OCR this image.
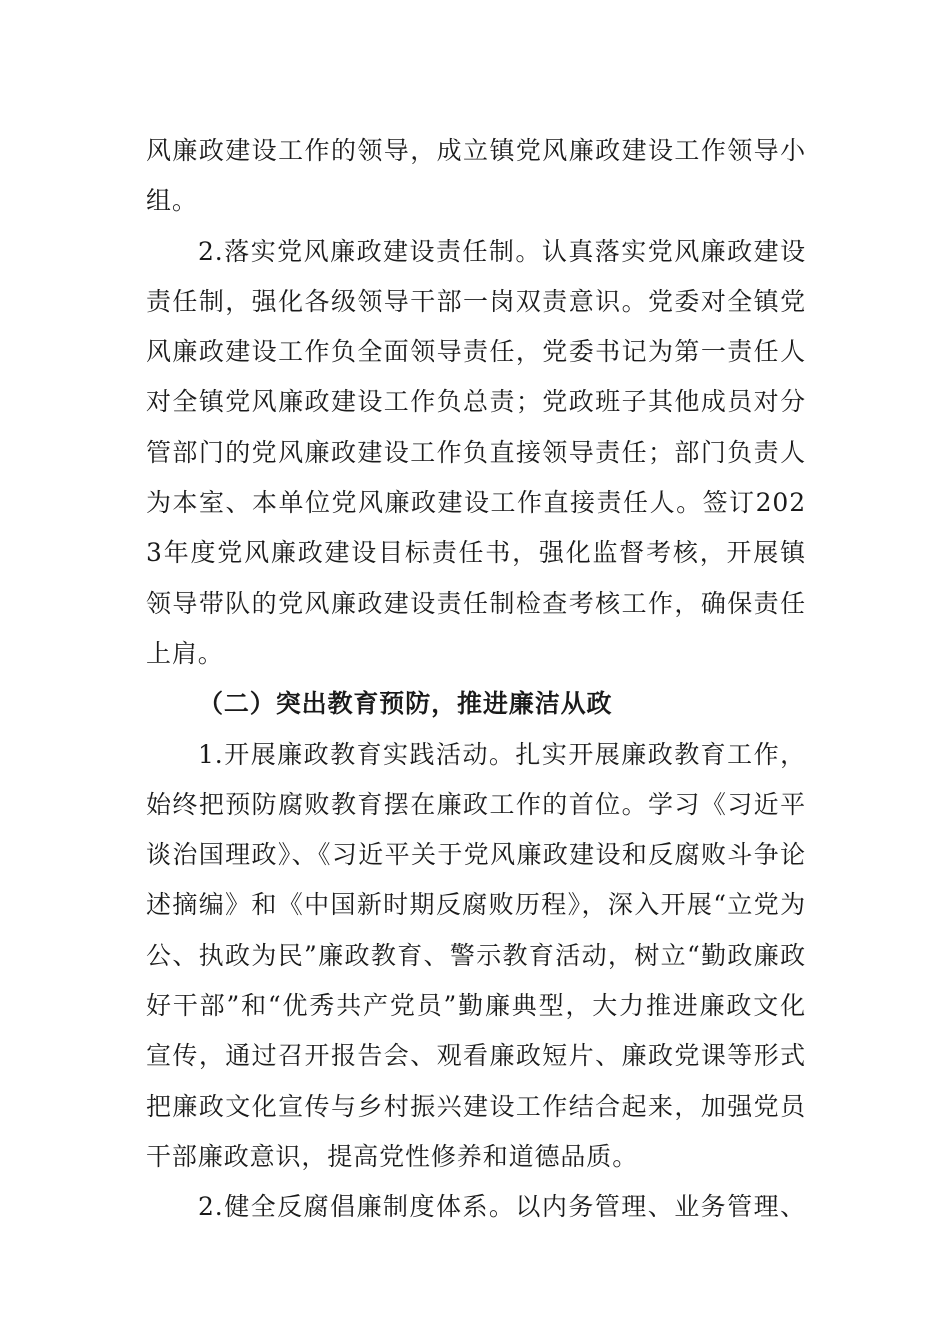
风廉政建设工作的领导，成立镇党风廉政建设工作领导小组。

2.落实党风廉政建设责任制。认真落实党风廉政建设责任制，强化各级领导干部一岗双责意识。党委对全镇党风廉政建设工作负全面领导责任，党委书记为第一责任人对全镇党风廉政建设工作负总责；党政班子其他成员对分管部门的党风廉政建设工作负直接领导责任；部门负责人为本室、本单位党风廉政建设工作直接责任人。签订2023年度党风廉政建设目标责任书，强化监督考核，开展镇领导带队的党风廉政建设责任制检查考核工作，确保责任上肩。

（二）突出教育预防，推进廉洁从政

1.开展廉政教育实践活动。扎实开展廉政教育工作，始终把预防腐败教育摆在廉政工作的首位。学习《习近平谈治国理政》、《习近平关于党风廉政建设和反腐败斗争论述摘编》和《中国新时期反腐败历程》，深入开展“立党为公、执政为民”廉政教育、警示教育活动，树立“勤政廉政好干部”和“优秀共产党员”勤廉典型，大力推进廉政文化宣传，通过召开报告会、观看廉政短片、廉政党课等形式把廉政文化宣传与乡村振兴建设工作结合起来，加强党员干部廉政意识，提高党性修养和道德品质。

2.健全反腐倡廉制度体系。以内务管理、业务管理、
